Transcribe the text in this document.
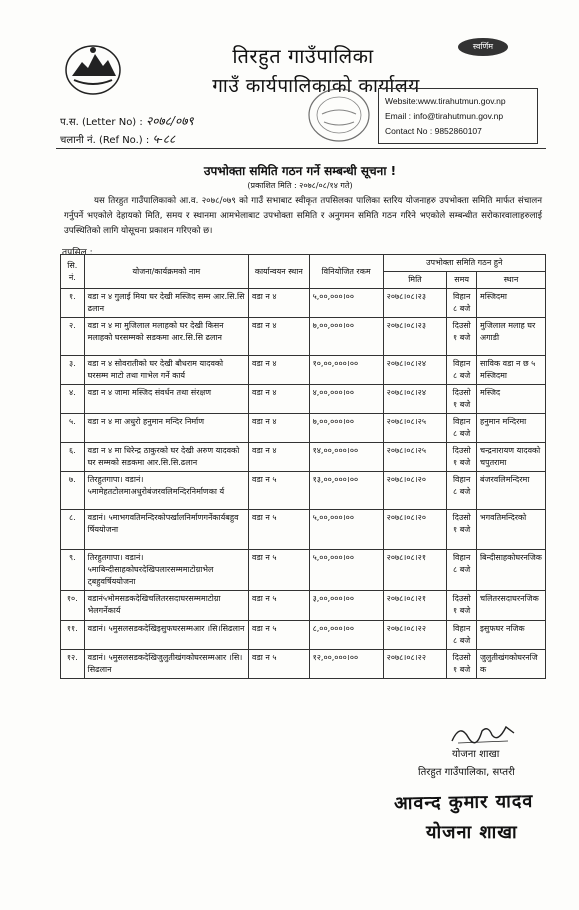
स्वर्णिम
तिरहुत गाउँपालिका
गाउँ कार्यपालिकाको कार्यालय
Website:www.tirahutmun.gov.np
Email : info@tirahutmun.gov.np
Contact No : 9852860107
प.स. (Letter No) : २०७८/०७९
चलानी नं. (Ref No.) : ५-८८
उपभोक्ता समिति गठन गर्ने सम्बन्धी सूचना !
(प्रकाशित मिति : २०७८/०८/१४ गते)
यस तिरहुत गाउँपालिकाको आ.व. २०७८/०७९ को गाउँ सभाबाट स्वीकृत तपसिलका पालिका स्तरिय योजनाहरु उपभोक्ता समिति मार्फत संचालन गर्नुपर्ने भएकोले देहायको मिति, समय र स्थानमा आमभेलाबाट उपभोक्ता समिति र अनुगमन समिति गठन गरिने भएकोले सम्बन्धीत सरोकारवालाहरुलाई उपस्थितिको लागि योसूचना प्रकाशन गरिएको छ।
तपसिल :
सि. नं.	योजना/कार्यक्रमको नाम	कार्यान्वयन स्थान	विनियोजित रकम	उपभोक्ता समिति गठन हुने		
				मिति	समय	स्थान
१.	वडा न ४ गुलाई मिया घर देखी मस्जिद सम्म आर.सि.सि ढलान	वडा न ४	५,००,०००।००	२०७८।०८।२३	विहान ८ बजे	मस्जिदमा
२.	वडा न ४ मा मुजिलाल मलाहको घर देखी किसन मलाहको घरसम्मको सडकमा आर.सि.सि ढलान	वडा न ४	७,००,०००।००	२०७८।०८।२३	दिउसो १ बजे	मुजिलाल मलाह घर अगाडी
३.	वडा न ४ सोवरातीको घर देखी बौधराम यादवको घरसम्म माटो तथा गाभेल गर्ने कार्य	वडा न ४	१०,००,०००।००	२०७८।०८।२४	विहान ८ बजे	साविक वडा न छ ५ मस्जिदमा
४.	वडा न ४ जामा मस्जिद संवर्धन तथा संरक्षण	वडा न ४	४,००,०००।००	२०७८।०८।२४	दिउसो १ बजे	मस्जिद
५.	वडा न ४ मा अधुरो हनुमान मन्दिर निर्माण	वडा न ४	७,००,०००।००	२०७८।०८।२५	विहान ८ बजे	हनुमान मन्दिरमा
६.	वडा न ४ मा धिरेन्द्र ठाकुरको घर देखी अरुण यादवको घर सम्मको सडकमा आर.सि.सि.ढलान	वडा न ४	१४,००,०००।००	२०७८।०८।२५	दिउसो १ बजे	चन्द्रनारायण यादवको चपुतरामा
७.	तिरहुतगापा। वडानं। ५मामेहतटोलमाअधुरोबंजरवलिमन्दिरनिर्माणका र्य	वडा न ५	१३,००,०००।००	२०७८।०८।२०	विहान ८ बजे	बंजरवलिमन्दिरमा
८.	वडानं। ५माभगवतिमन्दिरकोपर्खालनिर्माणगर्नेकार्यबहुव र्षिययोजना	वडा न ५	५,००,०००।००	२०७८।०८।२०	दिउसो १ बजे	भगवतिमन्दिरको
९.	तिरहुतगापा। वडानं। ५माबिन्दीसाहकोघरदेखिपलारसम्ममाटोग्राभेल ट्बहुवर्षिययोजना	वडा न ५	५,००,०००।००	२०७८।०८।२१	विहान ८ बजे	बिन्दीसाहकोघरनजिक
१०.	वडानं५भोमसडकदेखिचलितरसदाघरसम्ममाटोग्रा भेलगर्नेकार्य	वडा न ५	३,००,०००।००	२०७८।०८।२१	दिउसो १ बजे	चलितरसदाघरनजिक
११.	वडानं। ५मुसलसडकदेखिइसुफघरसम्मआर ।सि।सिढलान	वडा न ५	८,००,०००।००	२०७८।०८।२२	विहान ८ बजे	इसुफघर नजिक
१२.	वडानं। ५मुसलसडकदेखिजुलुतीखंगकोघरसम्मआर ।सि।सिढलान	वडा न ५	१२,००,०००।००	२०७८।०८।२२	दिउसो १ बजे	जुलुतीखंगकोघरनजि क
योजना शाखा
तिरहुत गाउँपालिका, सप्तरी
आवन्द कुमार यादव
योजना शाखा
